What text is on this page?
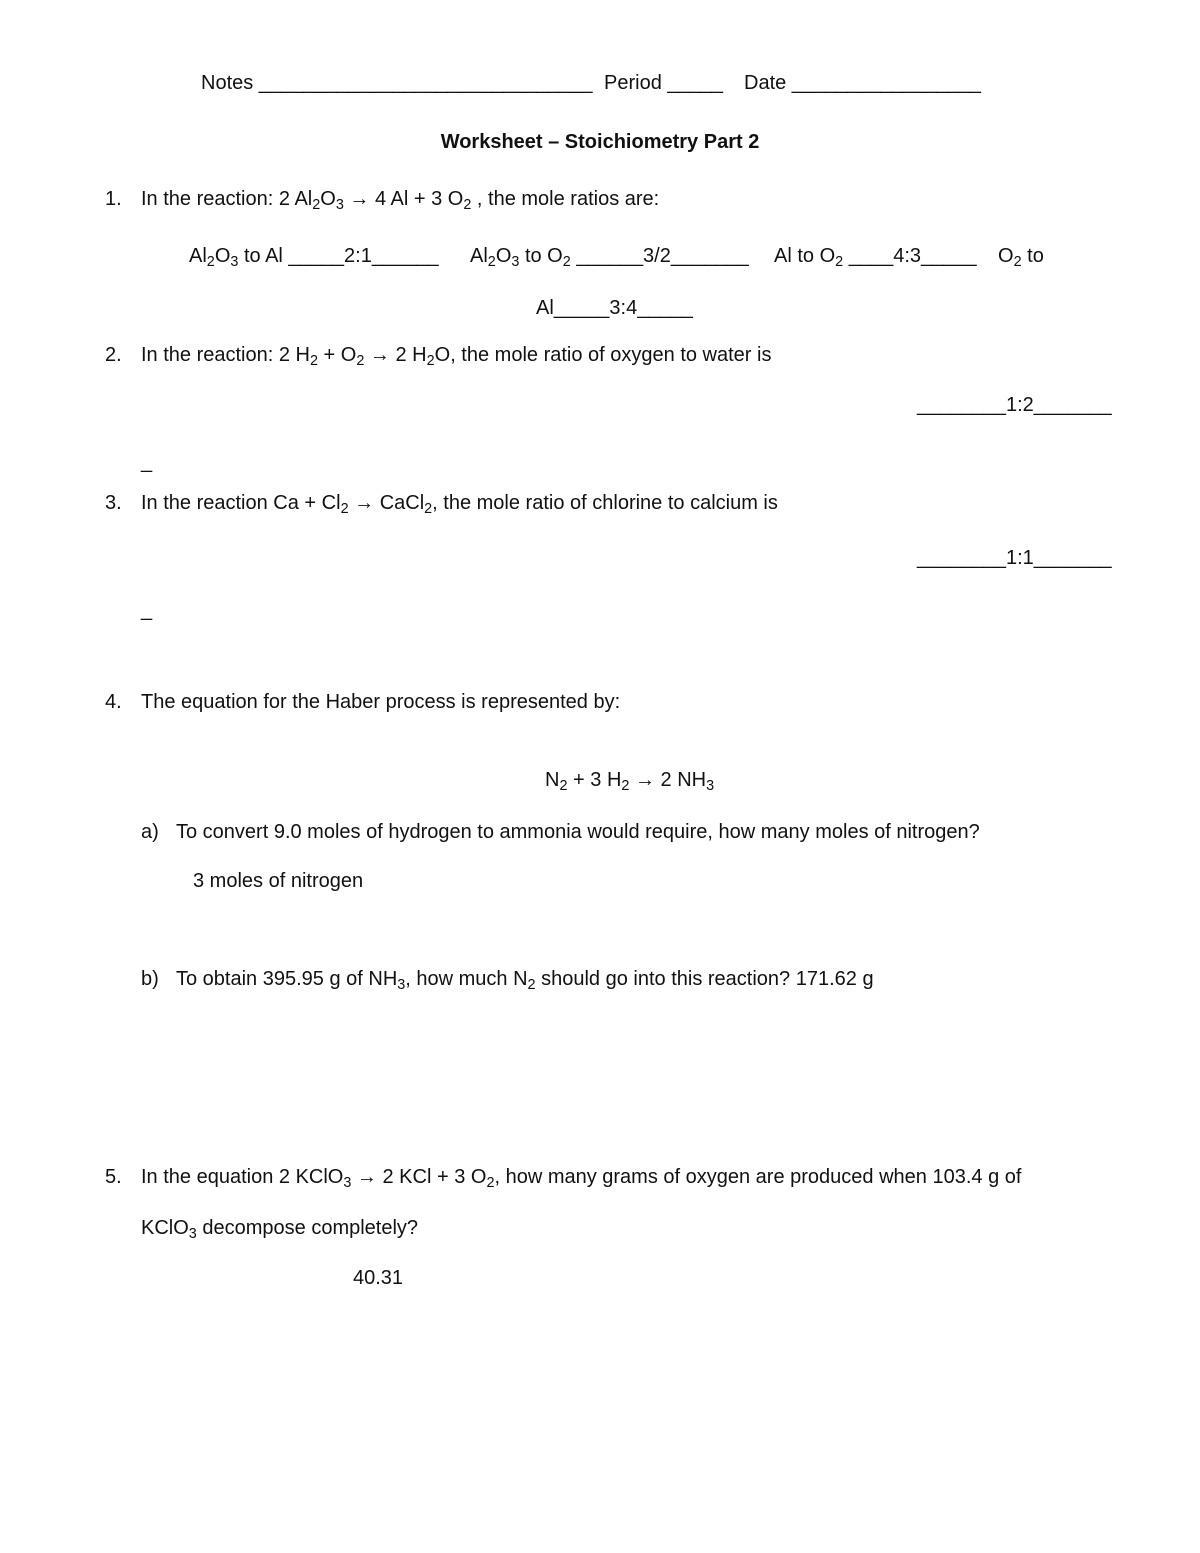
Notes ______________________________ Period _____ Date _________________
Worksheet – Stoichiometry Part 2
1. In the reaction: 2 $Al_2O_3 \to 4$ Al + 3 $O_2$ , the mole ratios are:
$Al_2O_3$ to Al _____2:1______ $Al_2O_3$ to $O_2$ ______3/2_______ Al to $O_2$ ____4:3_____ $O_2$ to
Al_____3:4_____
2. In the reaction: 2 $H_2 + O_2 \to 2$ $H_2O$, the mole ratio of oxygen to water is
________1:2_______
_
3. In the reaction $Ca + Cl_2$ → CaCl$_2$, the mole ratio of chlorine to calcium is
________1:1_______
_
4. The equation for the Haber process is represented by:
$N_2 + 3$ $H_2 \to 2$ $NH_3$
a) To convert 9.0 moles of hydrogen to ammonia would require, how many moles of nitrogen?
3 moles of nitrogen
b) To obtain 395.95 g of $NH_3$, how much $N_2$ should go into this reaction? 171.62 g
5. In the equation 2 KClO$_3$ → 2 KCl + 3 $O_2$, how many grams of oxygen are produced when 103.4 g of
KClO$_3$ decompose completely?
40.31
